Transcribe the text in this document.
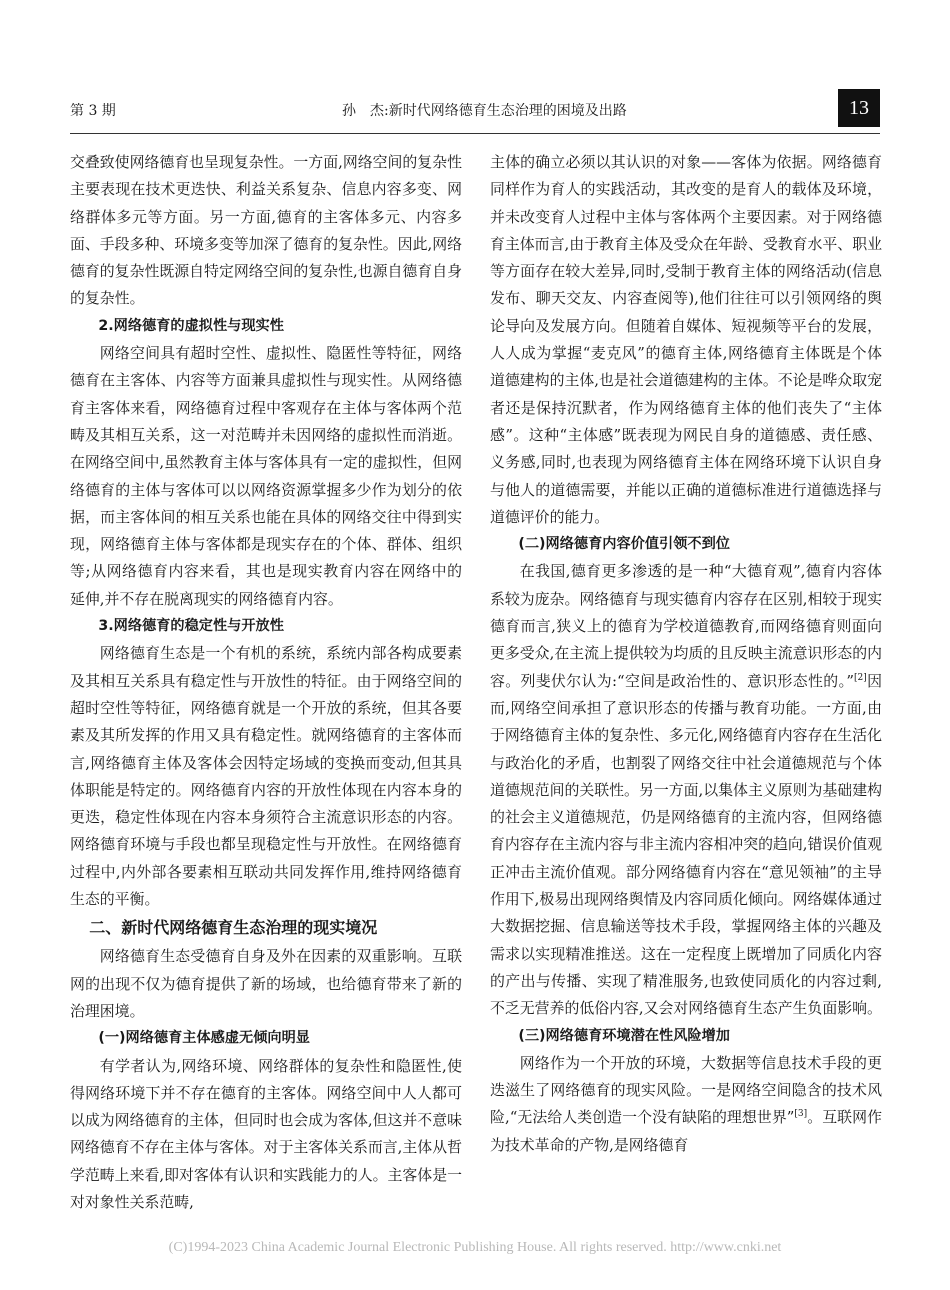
第 3 期	孙　杰:新时代网络德育生态治理的困境及出路	13

交叠致使网络德育也呈现复杂性。一方面,网络空间的复杂性主要表现在技术更迭快、利益关系复杂、信息内容多变、网络群体多元等方面。另一方面,德育的主客体多元、内容多面、手段多种、环境多变等加深了德育的复杂性。因此,网络德育的复杂性既源自特定网络空间的复杂性,也源自德育自身的复杂性。

2.网络德育的虚拟性与现实性

网络空间具有超时空性、虚拟性、隐匿性等特征，网络德育在主客体、内容等方面兼具虚拟性与现实性。从网络德育主客体来看，网络德育过程中客观存在主体与客体两个范畴及其相互关系，这一对范畴并未因网络的虚拟性而消逝。在网络空间中,虽然教育主体与客体具有一定的虚拟性，但网络德育的主体与客体可以以网络资源掌握多少作为划分的依据，而主客体间的相互关系也能在具体的网络交往中得到实现，网络德育主体与客体都是现实存在的个体、群体、组织等;从网络德育内容来看，其也是现实教育内容在网络中的延伸,并不存在脱离现实的网络德育内容。

3.网络德育的稳定性与开放性

网络德育生态是一个有机的系统，系统内部各构成要素及其相互关系具有稳定性与开放性的特征。由于网络空间的超时空性等特征，网络德育就是一个开放的系统，但其各要素及其所发挥的作用又具有稳定性。就网络德育的主客体而言,网络德育主体及客体会因特定场域的变换而变动,但其具体职能是特定的。网络德育内容的开放性体现在内容本身的更迭，稳定性体现在内容本身须符合主流意识形态的内容。网络德育环境与手段也都呈现稳定性与开放性。在网络德育过程中,内外部各要素相互联动共同发挥作用,维持网络德育生态的平衡。

二、新时代网络德育生态治理的现实境况

网络德育生态受德育自身及外在因素的双重影响。互联网的出现不仅为德育提供了新的场域，也给德育带来了新的治理困境。

(一)网络德育主体感虚无倾向明显

有学者认为,网络环境、网络群体的复杂性和隐匿性,使得网络环境下并不存在德育的主客体。网络空间中人人都可以成为网络德育的主体，但同时也会成为客体,但这并不意味网络德育不存在主体与客体。对于主客体关系而言,主体从哲学范畴上来看,即对客体有认识和实践能力的人。主客体是一对对象性关系范畴,

主体的确立必须以其认识的对象——客体为依据。网络德育同样作为育人的实践活动，其改变的是育人的载体及环境，并未改变育人过程中主体与客体两个主要因素。对于网络德育主体而言,由于教育主体及受众在年龄、受教育水平、职业等方面存在较大差异,同时,受制于教育主体的网络活动(信息发布、聊天交友、内容查阅等),他们往往可以引领网络的舆论导向及发展方向。但随着自媒体、短视频等平台的发展，人人成为掌握“麦克风”的德育主体,网络德育主体既是个体道德建构的主体,也是社会道德建构的主体。不论是哗众取宠者还是保持沉默者，作为网络德育主体的他们丧失了“主体感”。这种“主体感”既表现为网民自身的道德感、责任感、义务感,同时,也表现为网络德育主体在网络环境下认识自身与他人的道德需要，并能以正确的道德标准进行道德选择与道德评价的能力。

(二)网络德育内容价值引领不到位

在我国,德育更多渗透的是一种“大德育观”,德育内容体系较为庞杂。网络德育与现实德育内容存在区别,相较于现实德育而言,狭义上的德育为学校道德教育,而网络德育则面向更多受众,在主流上提供较为均质的且反映主流意识形态的内容。列斐伏尔认为:“空间是政治性的、意识形态性的。”[2]因而,网络空间承担了意识形态的传播与教育功能。一方面,由于网络德育主体的复杂性、多元化,网络德育内容存在生活化与政治化的矛盾，也割裂了网络交往中社会道德规范与个体道德规范间的关联性。另一方面,以集体主义原则为基础建构的社会主义道德规范，仍是网络德育的主流内容，但网络德育内容存在主流内容与非主流内容相冲突的趋向,错误价值观正冲击主流价值观。部分网络德育内容在“意见领袖”的主导作用下,极易出现网络舆情及内容同质化倾向。网络媒体通过大数据挖掘、信息输送等技术手段，掌握网络主体的兴趣及需求以实现精准推送。这在一定程度上既增加了同质化内容的产出与传播、实现了精准服务,也致使同质化的内容过剩,不乏无营养的低俗内容,又会对网络德育生态产生负面影响。

(三)网络德育环境潜在性风险增加

网络作为一个开放的环境，大数据等信息技术手段的更迭滋生了网络德育的现实风险。一是网络空间隐含的技术风险,“无法给人类创造一个没有缺陷的理想世界”[3]。互联网作为技术革命的产物,是网络德育

(C)1994-2023 China Academic Journal Electronic Publishing House. All rights reserved. http://www.cnki.net
